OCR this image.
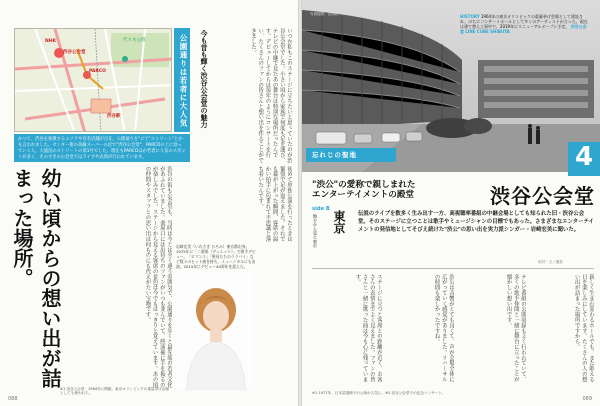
NHK
渋谷公会堂
代々木公園
PARCO
渋谷駅	公園通りは若者に大人気
かつて、渋谷を象徴するエリアや有名店舗が点在。公園通りを"ピア"ストリート"とかも言われました。センター街の高級スーパーの店で"渋谷公会堂"、PARCOの上に登っていく人。大盛況のストリートの第1号でした。現在もPARCOほか若者に人気のスポットが多く、そのさきの公会堂ではライブや式典が行われています。
今も昔も輝く渋谷公会堂の魅力	いつか私もこのステージに立ちたいと思っていたのが渋谷公会堂でした。小さい頃から家族で何度も足を運び、テレビの中継で見たあの舞台は特別な場所だったんです。デビューしてからは毎年のようにコンサートを行い、たくさんのファンの皆さんと想い出を作ることができました。
渋谷の街も公会堂も、当時は今とは全く違う雰囲気で、公園通りを歩くと最先端の若者文化があふれていました。楽屋口には出待ちのファンがいつも並んでいて、終演後に手を振るのが楽しみでした。ステージから見える客席の景色は今でもはっきりと覚えています。あの頃の仲間やスタッフとの思い出は何ものにも代えがたい宝物です。	初めて単独公演を行ったときは緊張で足が震えました。それでも幕が上がった瞬間、客席の温かい拍手に包まれて不思議と落ち着いたんです。
幼い頃からの想い出が詰まった場所。	岩崎宏美（いわさき ひろみ）東京都出身。1975年に「二重唱（デュエット）」で歌手デビュー。「ロマンス」「聖母たちのララバイ」など数々のヒット曲を持ち、ミュージカルにも出演。2015年にデビュー40周年を迎えた。
※1 渋谷公会堂：1964年に開館。東京オリンピックの重量挙げ会場としても使われた。
088
写真提供：渋谷区	HISTORY 1964年の東京オリンピックの重量挙げ会場として建設され、のちにコンサートホールとして多くのアーティストが立った。現在は建て替え工事中で、2019年にリニューアルオープン予定。 渋谷公会堂 LINE CUBE SHIBUYA
忘れじの聖地	4
"渋公"の愛称で親しまれた
エンターテイメントの殿堂	渋谷公会堂
side B
地方から見た東京 東京 伝説のライブを数多く生み出す一方、高視聴率番組の中継会場としても知られた旧・渋谷公会堂。そのステージに立つことは歌手やミュージシャンの目標でもあった。さまざまなエンターテイメントの発信地としてそびえ続けた"渋公"の思い出を実力派シンガー・岩崎宏美に聞いた。
取材・文 / 撮影
ステージに立つと客席との距離が近く、お客さんの表情までよく見えました。ファンの皆さんと一緒に歌った曲は今も心に残っています。	渋公は音響がとても良くて、声が会場全体に広がっていく感覚がありました。リハーサルの時間も楽しかったですね。	テレビ番組の公開収録もよく行われていて、多くの歌手仲間と一緒に舞台に立ったことが懐かしい想い出です。	新しく生まれ変わるホールでも、また歌える日を楽しみにしています。たくさんの人の想い出が詰まった場所ですから。
※1 1977年、日本武道館での公演が人気に。※2 渋谷公会堂での記念コンサート。
089
